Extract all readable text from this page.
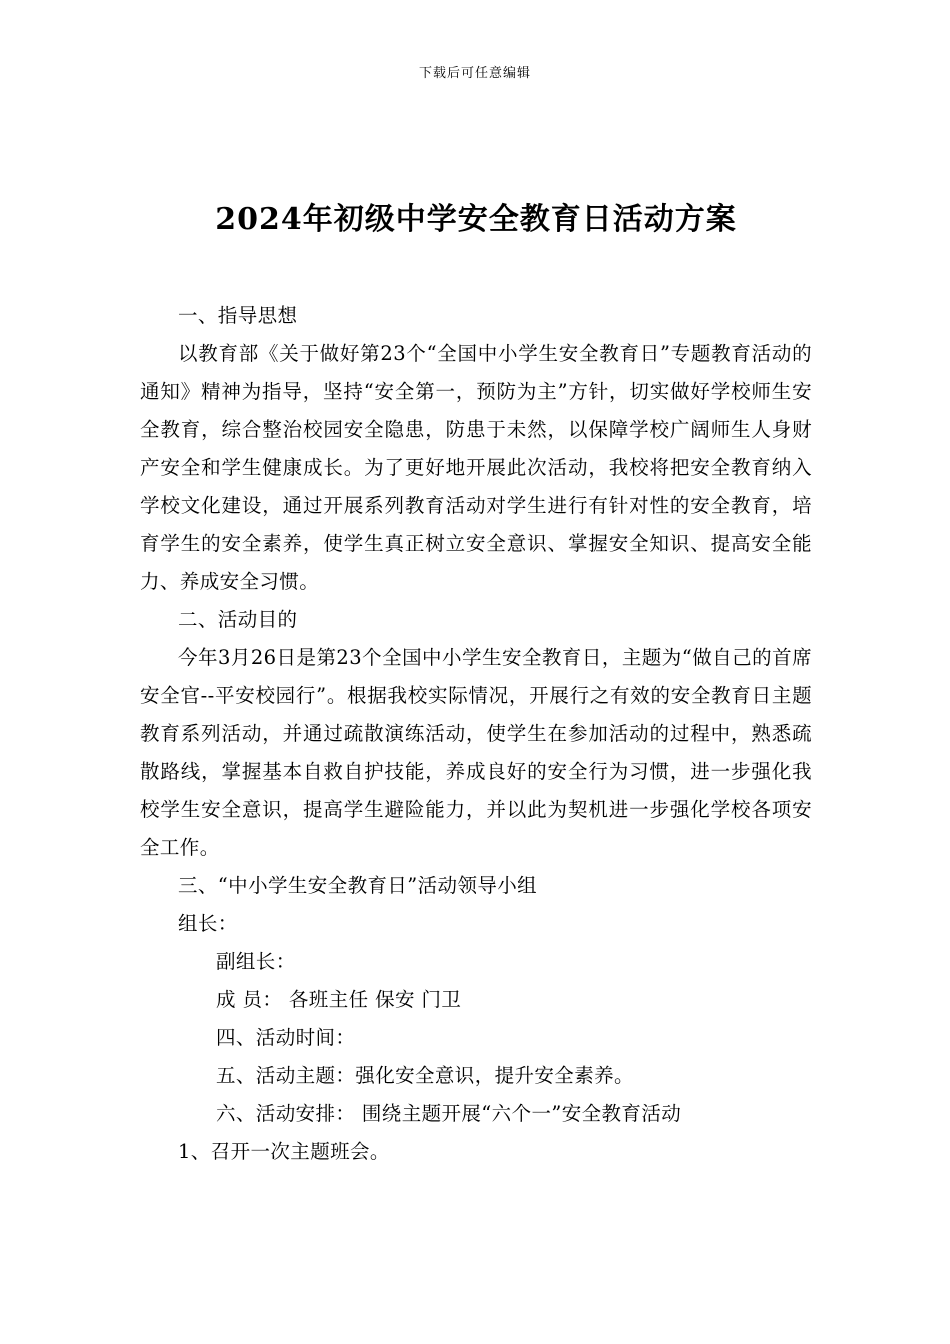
下载后可任意编辑
2024年初级中学安全教育日活动方案

一、指导思想

以教育部《关于做好第23个“全国中小学生安全教育日”专题教育活动的通知》精神为指导，坚持“安全第一，预防为主”方针，切实做好学校师生安全教育，综合整治校园安全隐患，防患于未然，以保障学校广阔师生人身财产安全和学生健康成长。为了更好地开展此次活动，我校将把安全教育纳入学校文化建设，通过开展系列教育活动对学生进行有针对性的安全教育，培育学生的安全素养，使学生真正树立安全意识、掌握安全知识、提高安全能力、养成安全习惯。

二、活动目的

今年3月26日是第23个全国中小学生安全教育日，主题为“做自己的首席安全官--平安校园行”。根据我校实际情况，开展行之有效的安全教育日主题教育系列活动，并通过疏散演练活动，使学生在参加活动的过程中，熟悉疏散路线，掌握基本自救自护技能，养成良好的安全行为习惯，进一步强化我校学生安全意识，提高学生避险能力，并以此为契机进一步强化学校各项安全工作。

三、“中小学生安全教育日”活动领导小组

组长：

副组长：

成 员： 各班主任 保安 门卫

四、活动时间：

五、活动主题：强化安全意识，提升安全素养。

六、活动安排： 围绕主题开展“六个一”安全教育活动

1、召开一次主题班会。
